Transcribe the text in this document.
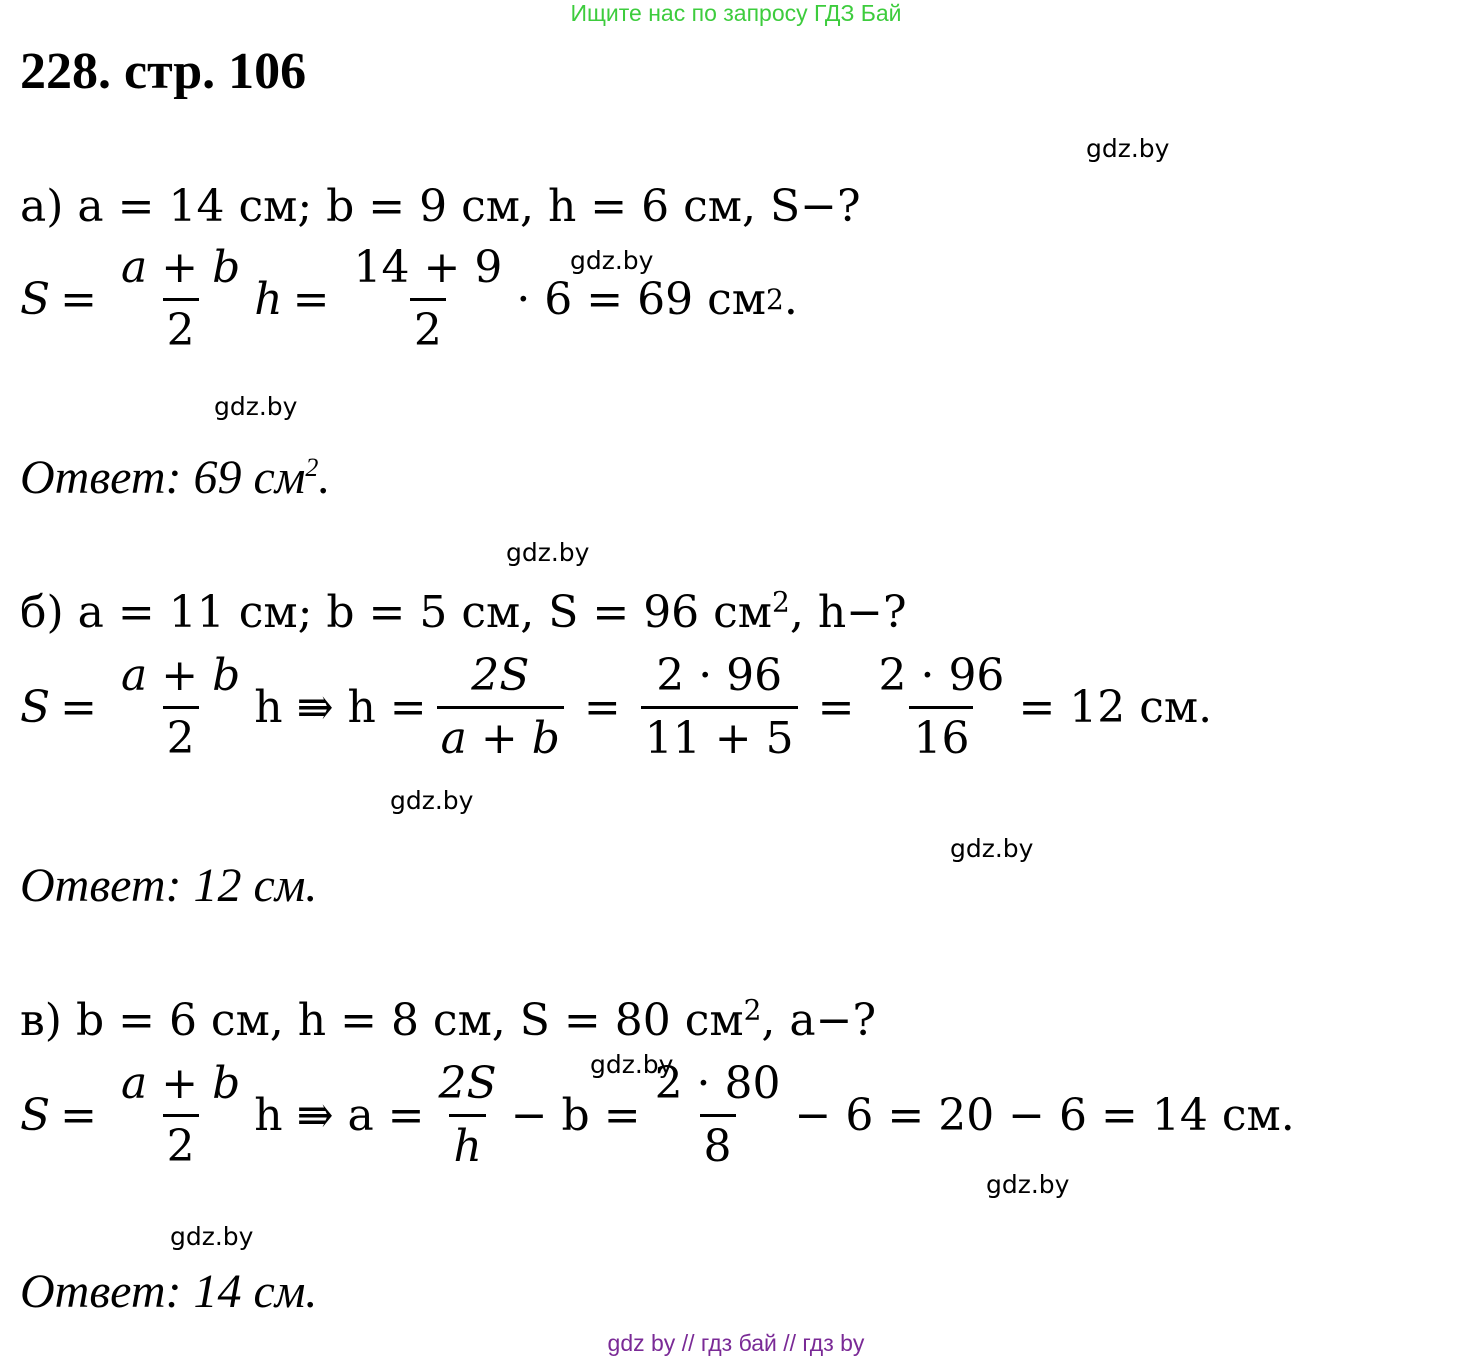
Ищите нас по запросу ГДЗ Бай
228. стр. 106
gdz.by
gdz.by
gdz.by
gdz.by
gdz.by
gdz.by
gdz.by
gdz.by
gdz.by
а) a = 14 см; b = 9 см, h = 6 см, S−?
$S = \frac{a + b}{2}$ $h = \frac{14 + 9}{2} \cdot 6 = 69$ см 2 .
Ответ: 69 $см^2$.
б) a = 11 см; b = 5 см, S = 96 $см^2$, h−?
$S = \frac{a + b}{2}$ h ⇛ $h = \frac{2S}{a + b} = \frac{2 \cdot 96}{11 + 5} = \frac{2 \cdot 96}{16} = 12$ см.
Ответ: 12 см.
в) b = 6 см, h = 8 см, S = 80 $см^2$, a−?
$S = \frac{a + b}{2}$ h ⇛ $a = \frac{2S}{h} - b = \frac{2 \cdot 80}{8} - 6 = 20 - 6 = 14$ см.
Ответ: 14 см.
gdz by // гдз бай // гдз by
